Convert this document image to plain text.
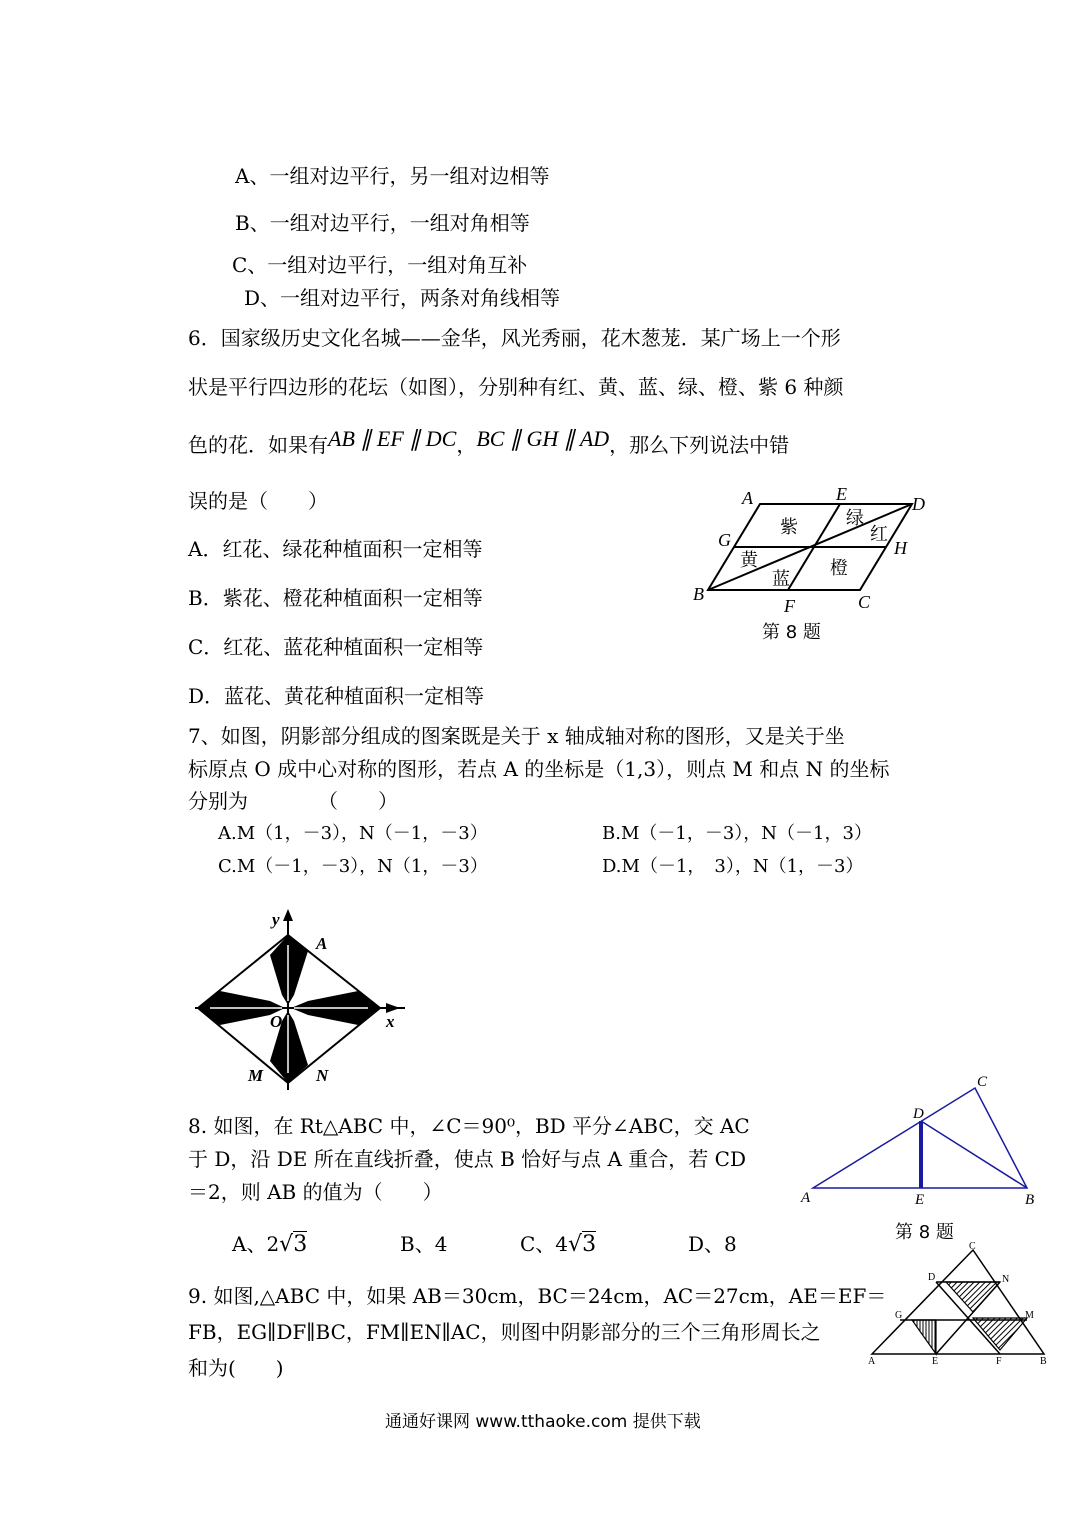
A、一组对边平行，另一组对边相等
B、一组对边平行，一组对角相等
C、一组对边平行，一组对角互补
D、一组对边平行，两条对角线相等
6．国家级历史文化名城——金华，风光秀丽，花木葱茏．某广场上一个形
状是平行四边形的花坛（如图），分别种有红、黄、蓝、绿、橙、紫 6 种颜
色的花．如果有AB ∥ EF ∥ DC，BC ∥ GH ∥ AD，那么下列说法中错
误的是（　　）
A．红花、绿花种植面积一定相等
B．紫花、橙花种植面积一定相等
C．红花、蓝花种植面积一定相等
D．蓝花、黄花种植面积一定相等
A	E	D
G	H
B
F	C
紫	绿
红
黄
蓝
橙
第 8 题
7、如图，阴影部分组成的图案既是关于 x 轴成轴对称的图形，又是关于坐
标原点 O 成中心对称的图形，若点 A 的坐标是（1,3），则点 M 和点 N 的坐标
分别为　　　　（　　）
A.M（1，－3），N（－1，－3）	B.M（－1，－3），N（－1，3）
C.M（－1，－3），N（1，－3）	D.M（－1，　3），N（1，－3）
y
A
O	x
M	N
8. 如图，在 Rt△ABC 中，∠C＝90⁰，BD 平分∠ABC，交 AC
于 D，沿 DE 所在直线折叠，使点 B 恰好与点 A 重合，若 CD
＝2，则 AB 的值为（　　）
A、2√3	B、4	C、4√3	D、8
C
D
A	E	B
第 8 题
9. 如图,△ABC 中，如果 AB＝30cm，BC＝24cm，AC＝27cm，AE＝EF＝
FB，EG∥DF∥BC，FM∥EN∥AC，则图中阴影部分的三个三角形周长之
和为(　　)
C
D	N
G	M
A	E	F	B
通通好课网 www.tthaoke.com 提供下载
